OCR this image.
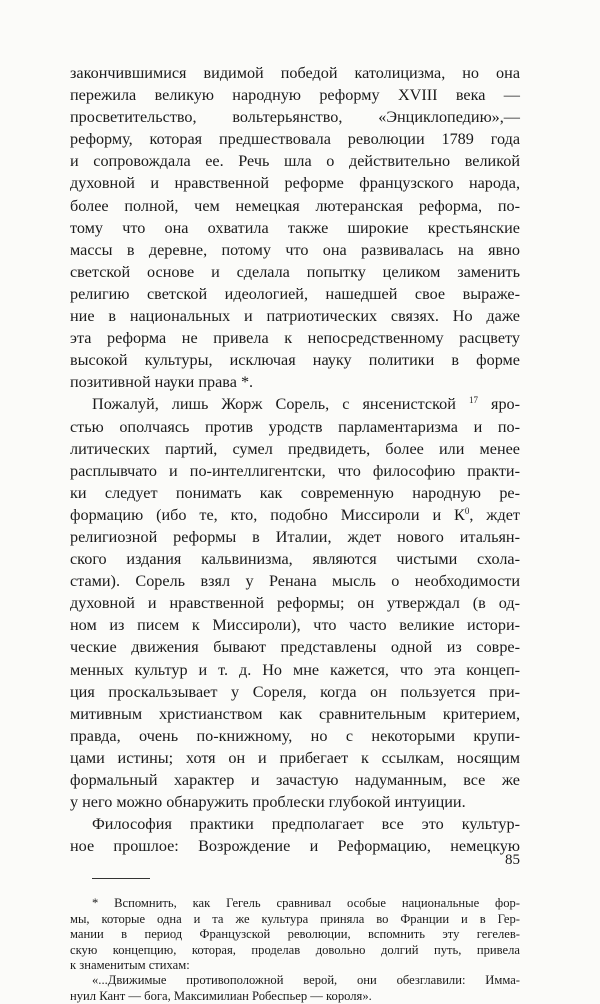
закончившимися видимой победой католицизма, но она
пережила великую народную реформу XVIII века —
просветительство, вольтерьянство, «Энциклопедию»,—
реформу, которая предшествовала революции 1789 года
и сопровождала ее. Речь шла о действительно великой
духовной и нравственной реформе французского народа,
более полной, чем немецкая лютеранская реформа, по-
тому что она охватила также широкие крестьянские
массы в деревне, потому что она развивалась на явно
светской основе и сделала попытку целиком заменить
религию светской идеологией, нашедшей свое выраже-
ние в национальных и патриотических связях. Но даже
эта реформа не привела к непосредственному расцвету
высокой культуры, исключая науку политики в форме
позитивной науки права *.
Пожалуй, лишь Жорж Сорель, с янсенистской $^{17}$ яро-
стью ополчаясь против уродств парламентаризма и по-
литических партий, сумел предвидеть, более или менее
расплывчато и по-интеллигентски, что философию практи-
ки следует понимать как современную народную ре-
формацию (ибо те, кто, подобно Миссироли и $К^0$, ждет
религиозной реформы в Италии, ждет нового итальян-
ского издания кальвинизма, являются чистыми схола-
стами). Сорель взял у Ренана мысль о необходимости
духовной и нравственной реформы; он утверждал (в од-
ном из писем к Миссироли), что часто великие истори-
ческие движения бывают представлены одной из совре-
менных культур и т. д. Но мне кажется, что эта концеп-
ция проскальзывает у Сореля, когда он пользуется при-
митивным христианством как сравнительным критерием,
правда, очень по-книжному, но с некоторыми крупи-
цами истины; хотя он и прибегает к ссылкам, носящим
формальный характер и зачастую надуманным, все же
у него можно обнаружить проблески глубокой интуиции.
Философия практики предполагает все это культур-
ное прошлое: Возрождение и Реформацию, немецкую
* Вспомнить, как Гегель сравнивал особые национальные фор-
мы, которые одна и та же культура приняла во Франции и в Гер-
мании в период Французской революции, вспомнить эту гегелев-
скую концепцию, которая, проделав довольно долгий путь, привела
к знаменитым стихам:
«...Движимые противоположной верой, они обезглавили: Имма-
нуил Кант — бога, Максимилиан Робеспьер — короля».
85
